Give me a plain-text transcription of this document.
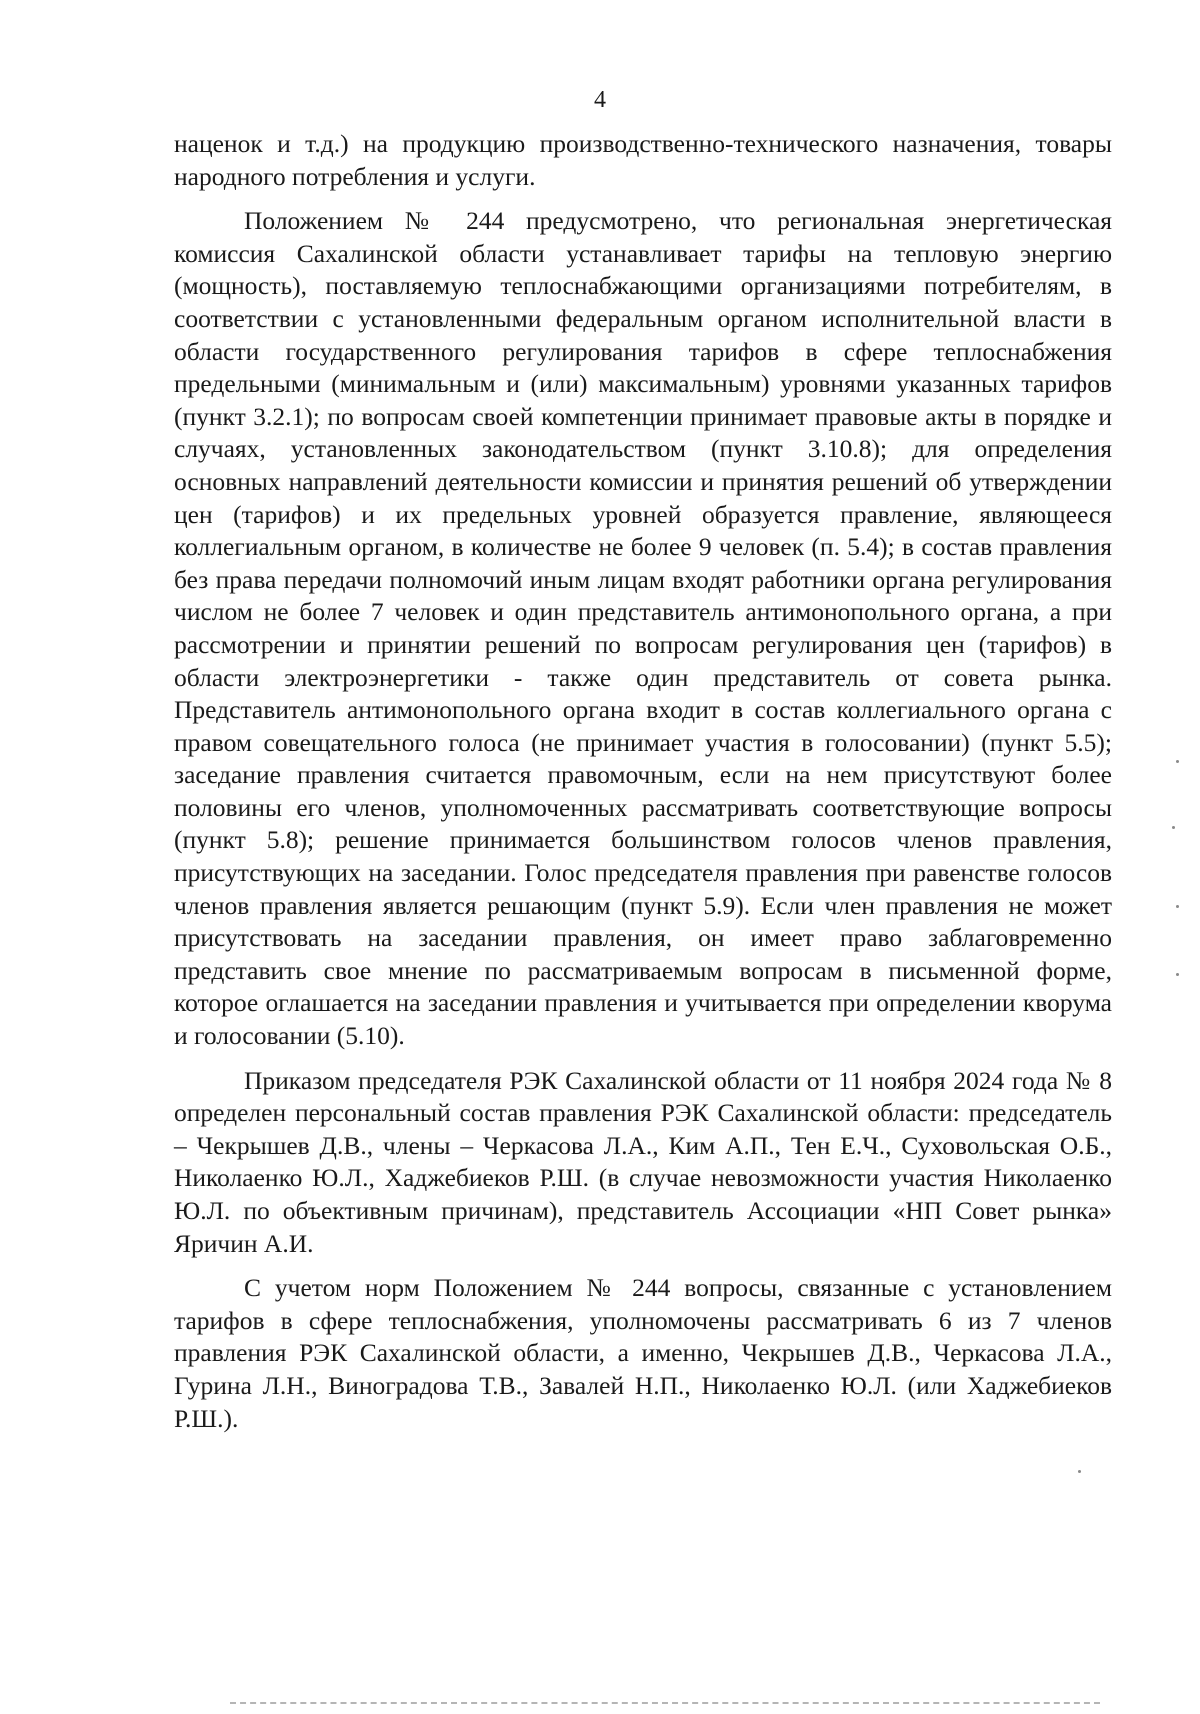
4

наценок и т.д.) на продукцию производственно-технического назначения, товары народного потребления и услуги.

Положением № 244 предусмотрено, что региональная энергетическая комиссия Сахалинской области устанавливает тарифы на тепловую энергию (мощность), поставляемую теплоснабжающими организациями потребителям, в соответствии с установленными федеральным органом исполнительной власти в области государственного регулирования тарифов в сфере теплоснабжения предельными (минимальным и (или) максимальным) уровнями указанных тарифов (пункт 3.2.1); по вопросам своей компетенции принимает правовые акты в порядке и случаях, установленных законодательством (пункт 3.10.8); для определения основных направлений деятельности комиссии и принятия решений об утверждении цен (тарифов) и их предельных уровней образуется правление, являющееся коллегиальным органом, в количестве не более 9 человек (п. 5.4); в состав правления без права передачи полномочий иным лицам входят работники органа регулирования числом не более 7 человек и один представитель антимонопольного органа, а при рассмотрении и принятии решений по вопросам регулирования цен (тарифов) в области электроэнергетики - также один представитель от совета рынка. Представитель антимонопольного органа входит в состав коллегиального органа с правом совещательного голоса (не принимает участия в голосовании) (пункт 5.5); заседание правления считается правомочным, если на нем присутствуют более половины его членов, уполномоченных рассматривать соответствующие вопросы (пункт 5.8); решение принимается большинством голосов членов правления, присутствующих на заседании. Голос председателя правления при равенстве голосов членов правления является решающим (пункт 5.9). Если член правления не может присутствовать на заседании правления, он имеет право заблаговременно представить свое мнение по рассматриваемым вопросам в письменной форме, которое оглашается на заседании правления и учитывается при определении кворума и голосовании (5.10).

Приказом председателя РЭК Сахалинской области от 11 ноября 2024 года № 8 определен персональный состав правления РЭК Сахалинской области: председатель – Чекрышев Д.В., члены – Черкасова Л.А., Ким А.П., Тен Е.Ч., Суховольская О.Б., Николаенко Ю.Л., Хаджебиеков Р.Ш. (в случае невозможности участия Николаенко Ю.Л. по объективным причинам), представитель Ассоциации «НП Совет рынка» Яричин А.И.

С учетом норм Положением № 244 вопросы, связанные с установлением тарифов в сфере теплоснабжения, уполномочены рассматривать 6 из 7 членов правления РЭК Сахалинской области, а именно, Чекрышев Д.В., Черкасова Л.А., Гурина Л.Н., Виноградова Т.В., Завалей Н.П., Николаенко Ю.Л. (или Хаджебиеков Р.Ш.).
